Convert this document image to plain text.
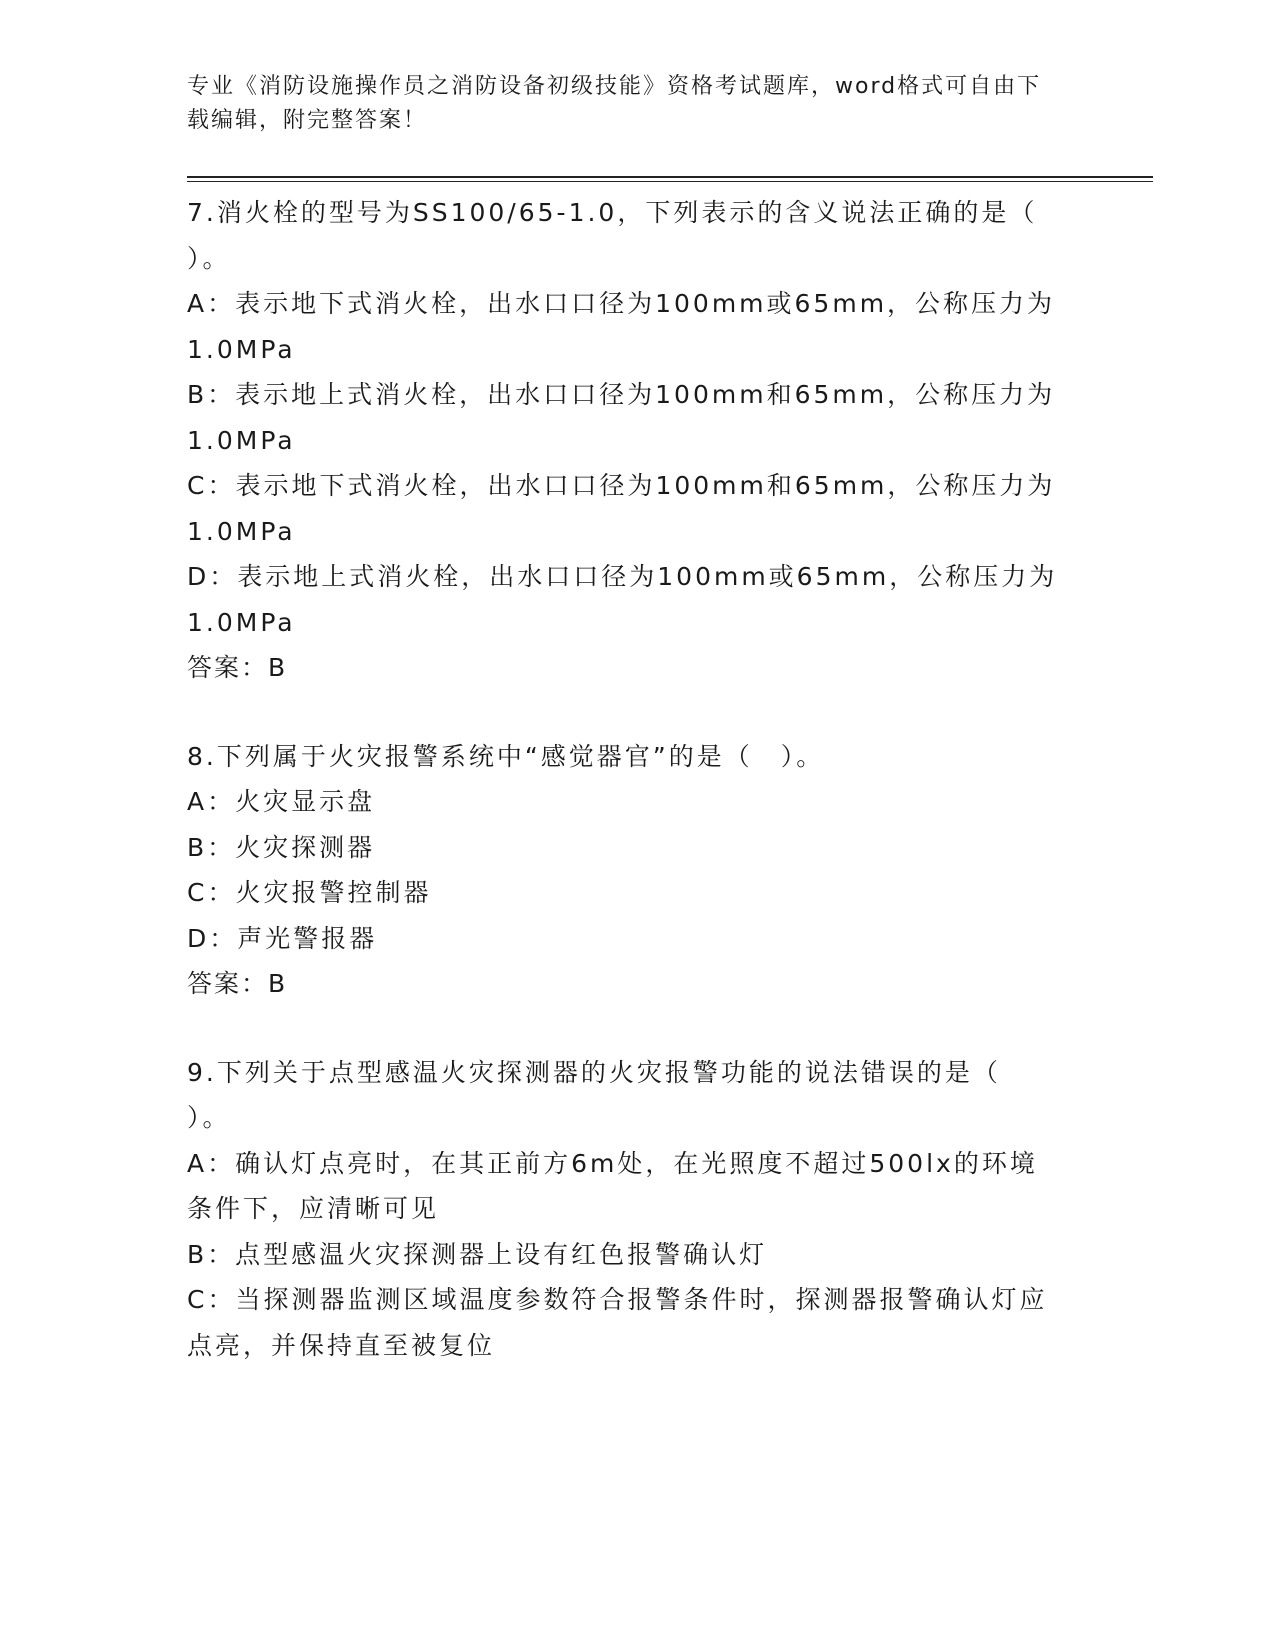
专业《消防设施操作员之消防设备初级技能》资格考试题库，word格式可自由下
载编辑，附完整答案！
7.消火栓的型号为SS100/65-1.0，下列表示的含义说法正确的是（
）。
A：表示地下式消火栓，出水口口径为100mm或65mm，公称压力为
1.0MPa
B：表示地上式消火栓，出水口口径为100mm和65mm，公称压力为
1.0MPa
C：表示地下式消火栓，出水口口径为100mm和65mm，公称压力为
1.0MPa
D：表示地上式消火栓，出水口口径为100mm或65mm，公称压力为
1.0MPa
答案：B
8.下列属于火灾报警系统中“感觉器官”的是（　）。
A：火灾显示盘
B：火灾探测器
C：火灾报警控制器
D：声光警报器
答案：B
9.下列关于点型感温火灾探测器的火灾报警功能的说法错误的是（
）。
A：确认灯点亮时，在其正前方6m处，在光照度不超过500lx的环境
条件下，应清晰可见
B：点型感温火灾探测器上设有红色报警确认灯
C：当探测器监测区域温度参数符合报警条件时，探测器报警确认灯应
点亮，并保持直至被复位
